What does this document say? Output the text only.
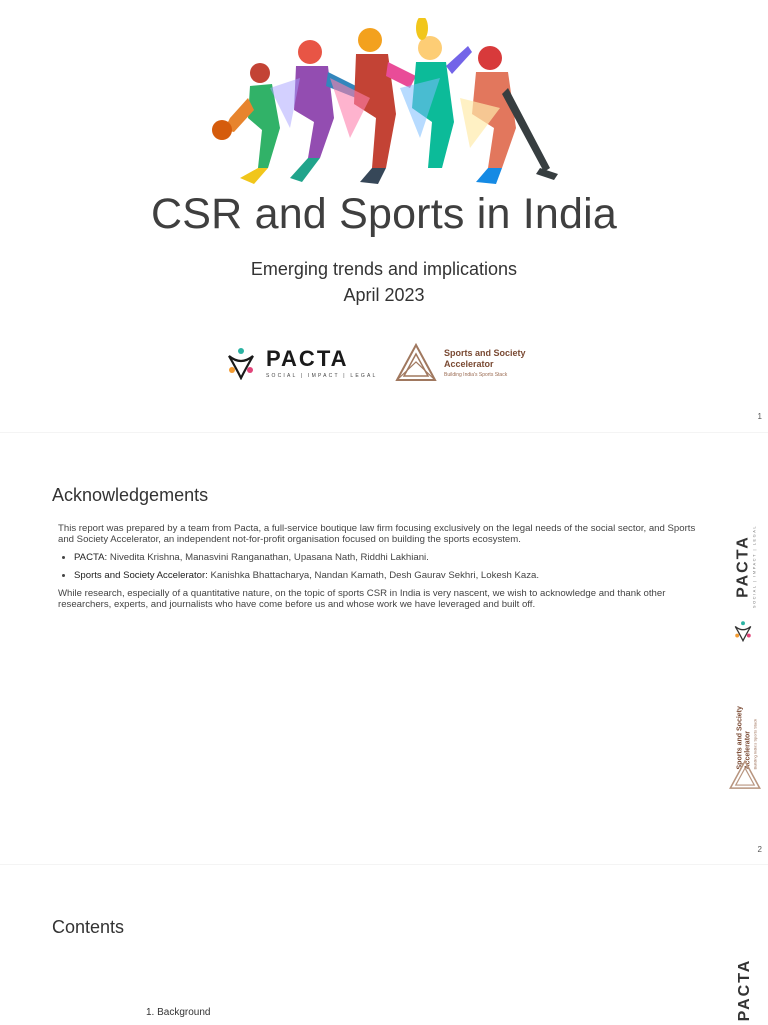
CSR and Sports in India
Emerging trends and implications
April 2023
PACTA
SOCIAL | IMPACT | LEGAL
Sports and Society
Accelerator
Building India's Sports Stack
1
Acknowledgements

This report was prepared by a team from Pacta, a full-service boutique law firm focusing exclusively on the legal needs of the social sector, and Sports and Society Accelerator, an independent not-for-profit organisation focused on building the sports ecosystem.

• PACTA: Nivedita Krishna, Manasvini Ranganathan, Upasana Nath, Riddhi Lakhiani.
• Sports and Society Accelerator: Kanishka Bhattacharya, Nandan Kamath, Desh Gaurav Sekhri, Lokesh Kaza.

While research, especially of a quantitative nature, on the topic of sports CSR in India is very nascent, we wish to acknowledge and thank other researchers, experts, and journalists who have come before us and whose work we have leveraged and built off.

2
PACTA SOCIAL | IMPACT | LEGAL
Sports and Society Accelerator Building India's Sports Stack
Contents
1. Background	PACTA
